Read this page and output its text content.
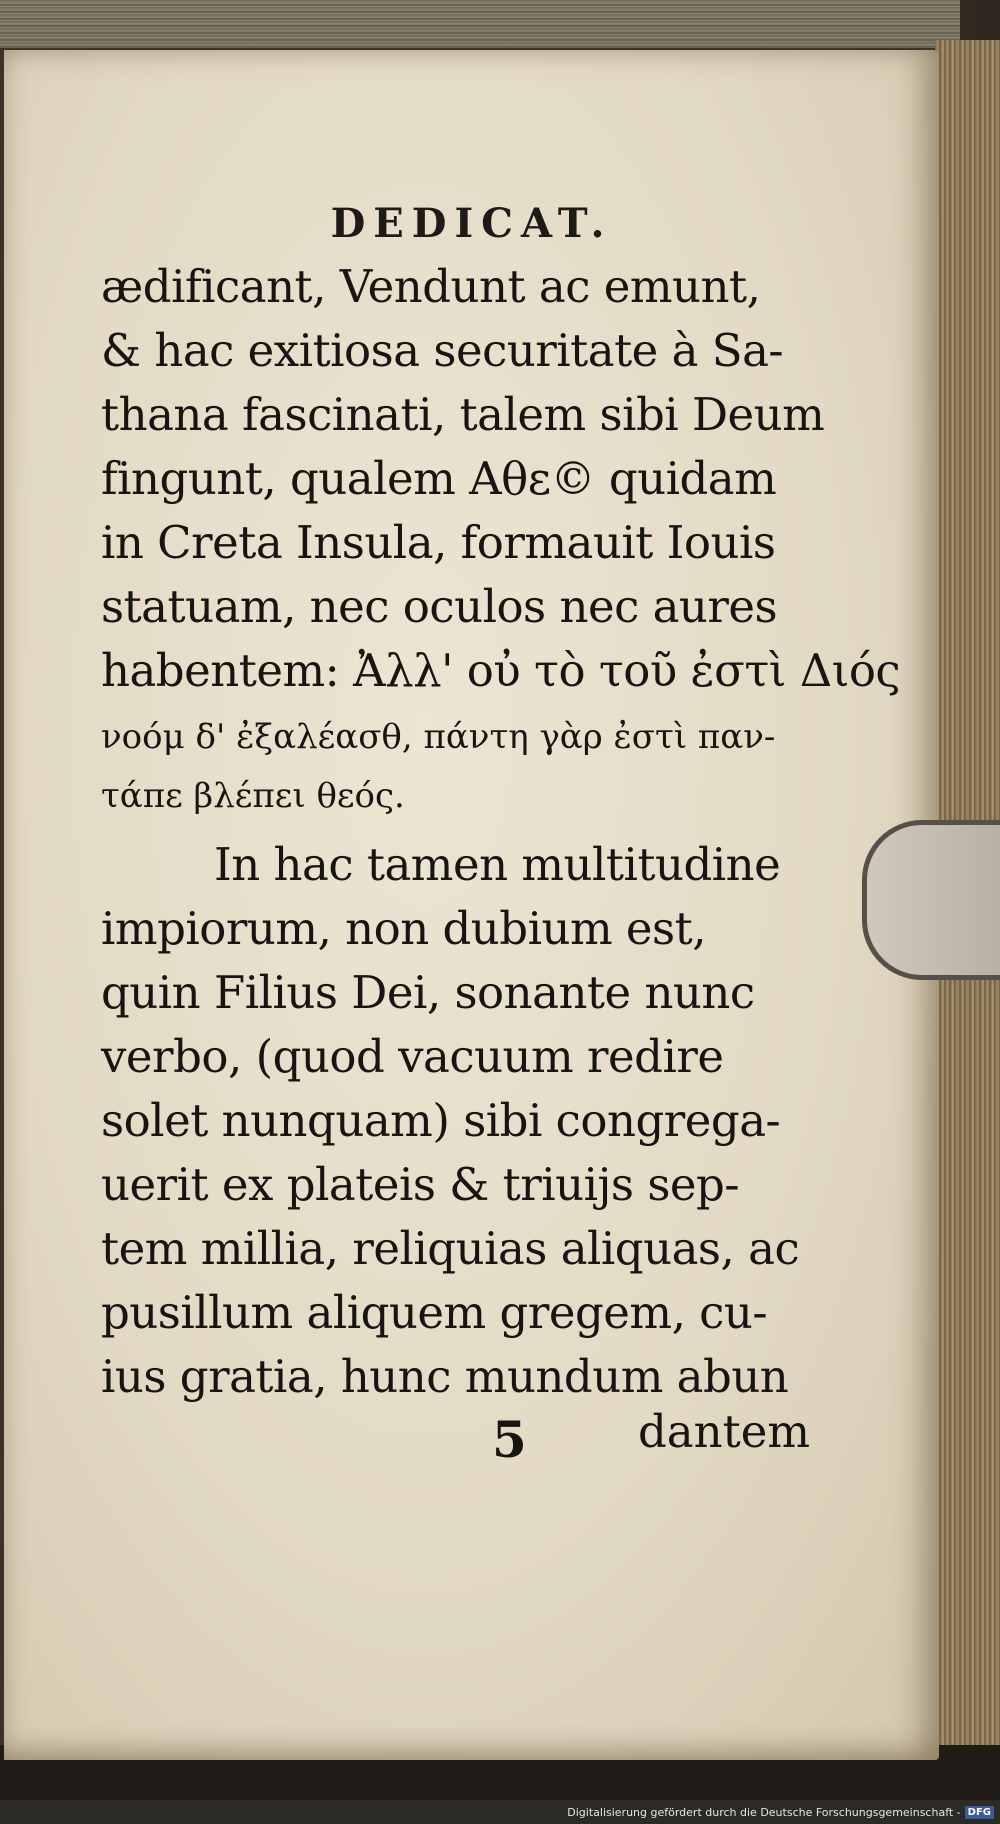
DEDICAT.
ædificant, Vendunt ac emunt,
& hac exitiosa securitate à Sa-
thana fascinati, talem sibi Deum
fingunt, qualem Αθε© quidam
in Creta Insula, formauit Iouis
statuam, nec oculos nec aures
habentem: Ἀλλ' οὐ τὸ τοῦ ἐστὶ Διός
νοόμ δ' ἐξαλέασθ, πάντη γὰρ ἐστὶ παν-
τάπε βλέπει θεός.
In hac tamen multitudine
impiorum, non dubium est,
quin Filius Dei, sonante nunc
verbo, (quod vacuum redire
solet nunquam) sibi congrega-
uerit ex plateis & triuijs sep-
tem millia, reliquias aliquas, ac
pusillum aliquem gregem, cu-
ius gratia, hunc mundum abun
5 dantem
Digitalisierung gefördert durch die Deutsche Forschungsgemeinschaft - DFG
